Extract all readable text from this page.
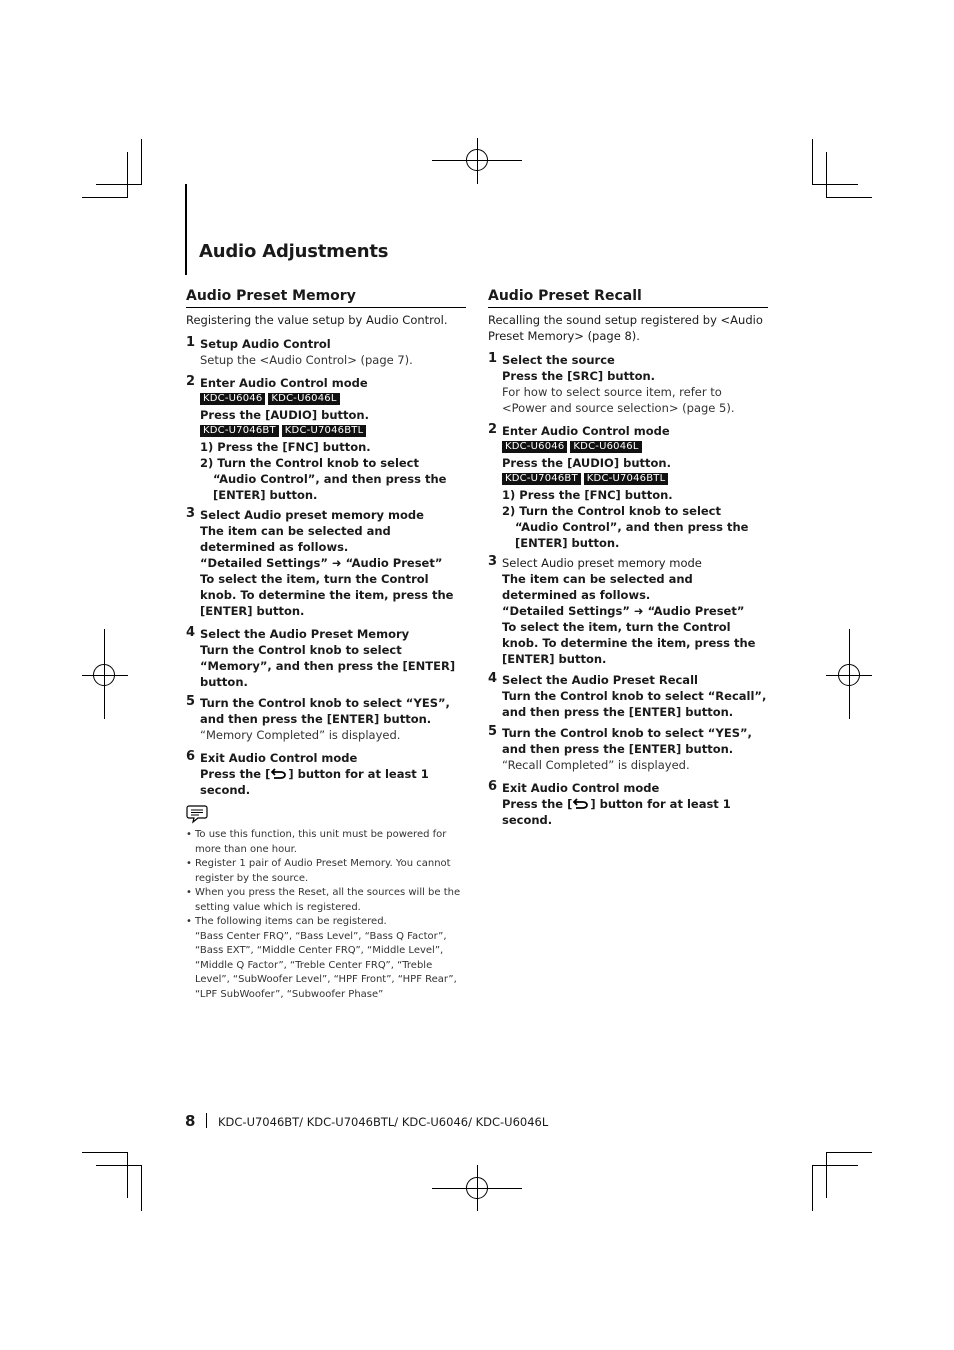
Audio Adjustments
Audio Preset Memory
Registering the value setup by Audio Control.
1 Setup Audio Control
Setup the <Audio Control> (page 7).
2 Enter Audio Control mode
KDC-U6046 KDC-U6046L
Press the [AUDIO] button.
KDC-U7046BT KDC-U7046BTL
1) Press the [FNC] button.
2) Turn the Control knob to select “Audio Control”, and then press the [ENTER] button.
3 Select Audio preset memory mode
The item can be selected and determined as follows.
“Detailed Settings” ➜ “Audio Preset”
To select the item, turn the Control knob. To determine the item, press the [ENTER] button.
4 Select the Audio Preset Memory
Turn the Control knob to select “Memory”, and then press the [ENTER] button.
5 Turn the Control knob to select “YES”, and then press the [ENTER] button.
“Memory Completed” is displayed.
6 Exit Audio Control mode
Press the [ ] button for at least 1 second.
• To use this function, this unit must be powered for more than one hour.
• Register 1 pair of Audio Preset Memory. You cannot register by the source.
• When you press the Reset, all the sources will be the setting value which is registered.
• The following items can be registered.
“Bass Center FRQ”, “Bass Level”, “Bass Q Factor”, “Bass EXT”, “Middle Center FRQ”, “Middle Level”, “Middle Q Factor”, “Treble Center FRQ”, “Treble Level”, “SubWoofer Level”, “HPF Front”, “HPF Rear”, “LPF SubWoofer”, “Subwoofer Phase”
Audio Preset Recall
Recalling the sound setup registered by <Audio Preset Memory> (page 8).
1 Select the source
Press the [SRC] button.
For how to select source item, refer to <Power and source selection> (page 5).
2 Enter Audio Control mode
KDC-U6046 KDC-U6046L
Press the [AUDIO] button.
KDC-U7046BT KDC-U7046BTL
1) Press the [FNC] button.
2) Turn the Control knob to select “Audio Control”, and then press the [ENTER] button.
3 Select Audio preset memory mode
The item can be selected and determined as follows.
“Detailed Settings” ➜ “Audio Preset”
To select the item, turn the Control knob. To determine the item, press the [ENTER] button.
4 Select the Audio Preset Recall
Turn the Control knob to select “Recall”, and then press the [ENTER] button.
5 Turn the Control knob to select “YES”, and then press the [ENTER] button.
“Recall Completed” is displayed.
6 Exit Audio Control mode
Press the [ ] button for at least 1 second.
8 KDC-U7046BT/ KDC-U7046BTL/ KDC-U6046/ KDC-U6046L
